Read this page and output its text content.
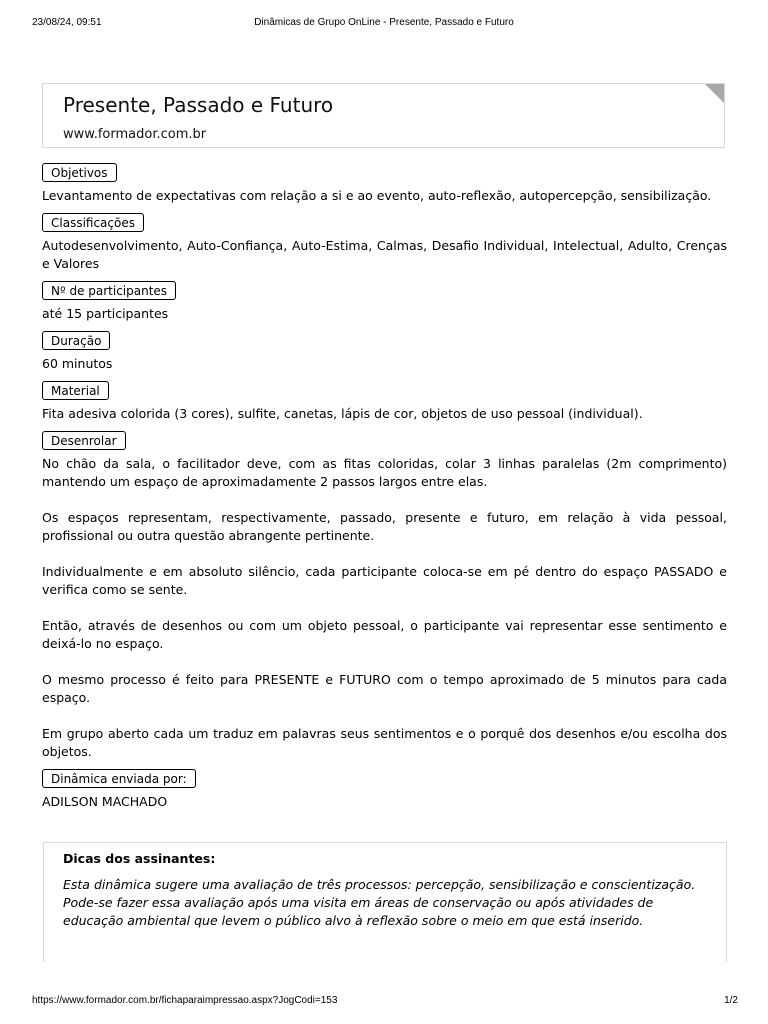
23/08/24, 09:51	Dinâmicas de Grupo OnLine - Presente, Passado e Futuro
Presente, Passado e Futuro
www.formador.com.br
Objetivos

Levantamento de expectativas com relação a si e ao evento, auto-reflexão, autopercepção, sensibilização.

Classificações

Autodesenvolvimento, Auto-Confiança, Auto-Estima, Calmas, Desafio Individual, Intelectual, Adulto, Crenças e Valores

Nº de participantes

até 15 participantes

Duração

60 minutos

Material

Fita adesiva colorida (3 cores), sulfite, canetas, lápis de cor, objetos de uso pessoal (individual).

Desenrolar

No chão da sala, o facilitador deve, com as fitas coloridas, colar 3 linhas paralelas (2m comprimento) mantendo um espaço de aproximadamente 2 passos largos entre elas.

Os espaços representam, respectivamente, passado, presente e futuro, em relação à vida pessoal, profissional ou outra questão abrangente pertinente.

Individualmente e em absoluto silêncio, cada participante coloca-se em pé dentro do espaço PASSADO e verifica como se sente.

Então, através de desenhos ou com um objeto pessoal, o participante vai representar esse sentimento e deixá-lo no espaço.

O mesmo processo é feito para PRESENTE e FUTURO com o tempo aproximado de 5 minutos para cada espaço.

Em grupo aberto cada um traduz em palavras seus sentimentos e o porquê dos desenhos e/ou escolha dos objetos.

Dinâmica enviada por:

ADILSON MACHADO

Dicas dos assinantes:
Esta dinâmica sugere uma avaliação de três processos: percepção, sensibilização e conscientização. Pode-se fazer essa avaliação após uma visita em áreas de conservação ou após atividades de educação ambiental que levem o público alvo à reflexão sobre o meio em que está inserido.
https://www.formador.com.br/fichaparaimpressao.aspx?JogCodi=153	1/2
